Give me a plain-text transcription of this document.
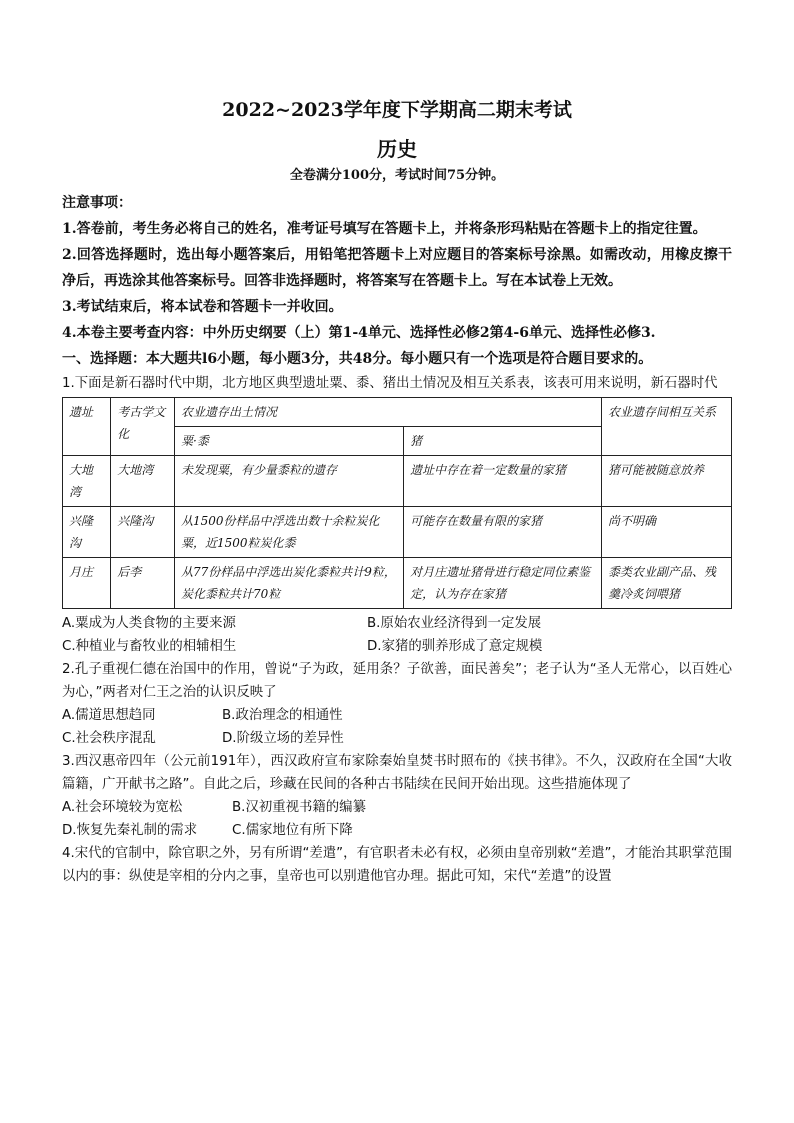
2022~2023学年度下学期高二期末考试

历史

全卷满分100分，考试时间75分钟。

注意事项：

1.答卷前，考生务必将自己的姓名，准考证号填写在答题卡上，并将条形玛粘贴在答题卡上的指定往置。

2.回答选择题时，选出每小题答案后，用铅笔把答题卡上对应题目的答案标号涂黑。如需改动，用橡皮擦干净后，再选涂其他答案标号。回答非选择题时，将答案写在答题卡上。写在本试卷上无效。

3.考试结束后，将本试卷和答题卡一并收回。

4.本卷主要考查内容：中外历史纲要（上）第1-4单元、选择性必修2第4-6单元、选择性必修3.

一、选择题：本大题共l6小题，每小题3分，共48分。每小题只有一个选项是符合题目要求的。

1.下面是新石器时代中期，北方地区典型遗址粟、黍、猪出土情况及相互关系表，该表可用来说明，新石器时代

遗址	考古学文化	农业遗存出土情况		农业遗存间相互关系
		粟·黍	猪	
大地湾	大地湾	未发现粟，有少量黍粒的遗存	遗址中存在着一定数量的家猪	猪可能被随意放养
兴隆沟	兴隆沟	从1500份样品中浮选出数十余粒炭化粟，近1500粒炭化黍	可能存在数量有限的家猪	尚不明确
月庄	后李	从77份样品中浮选出炭化黍粒共计9粒，炭化黍粒共计70粒	对月庄遗址猪骨进行稳定同位素鉴定，认为存在家猪	黍类农业副产品、残羹冷炙饲喂猪
A.粟成为人类食物的主要来源	B.原始农业经济得到一定发展
C.种植业与畜牧业的相辅相生	D.家猪的驯养形成了意定规模

2.孔子重视仁德在治国中的作用，曾说“子为政，延用条？子欲善，面民善矣”；老子认为“圣人无常心，以百姓心为心，”两者对仁王之治的认识反映了

A.儒道思想趋同	B.政治理念的相通性
C.社会秩序混乱	D.阶级立场的差异性

3.西汉惠帝四年（公元前191年），西汉政府宣布家除秦始皇焚书时照布的《挟书律》。不久，汉政府在全国“大收篇籍，广开献书之路”。自此之后，珍藏在民间的各种古书陆续在民间开始出现。这些措施体现了

A.社会环境较为宽松	B.汉初重视书籍的编纂
D.恢复先秦礼制的需求	C.儒家地位有所下降

4.宋代的官制中，除官职之外，另有所谓“差遣”，有官职者未必有权，必须由皇帝别敕“差遣”，才能治其职掌范围以内的事：纵使是宰相的分内之事，皇帝也可以别遣他官办理。据此可知，宋代“差遣”的设置
